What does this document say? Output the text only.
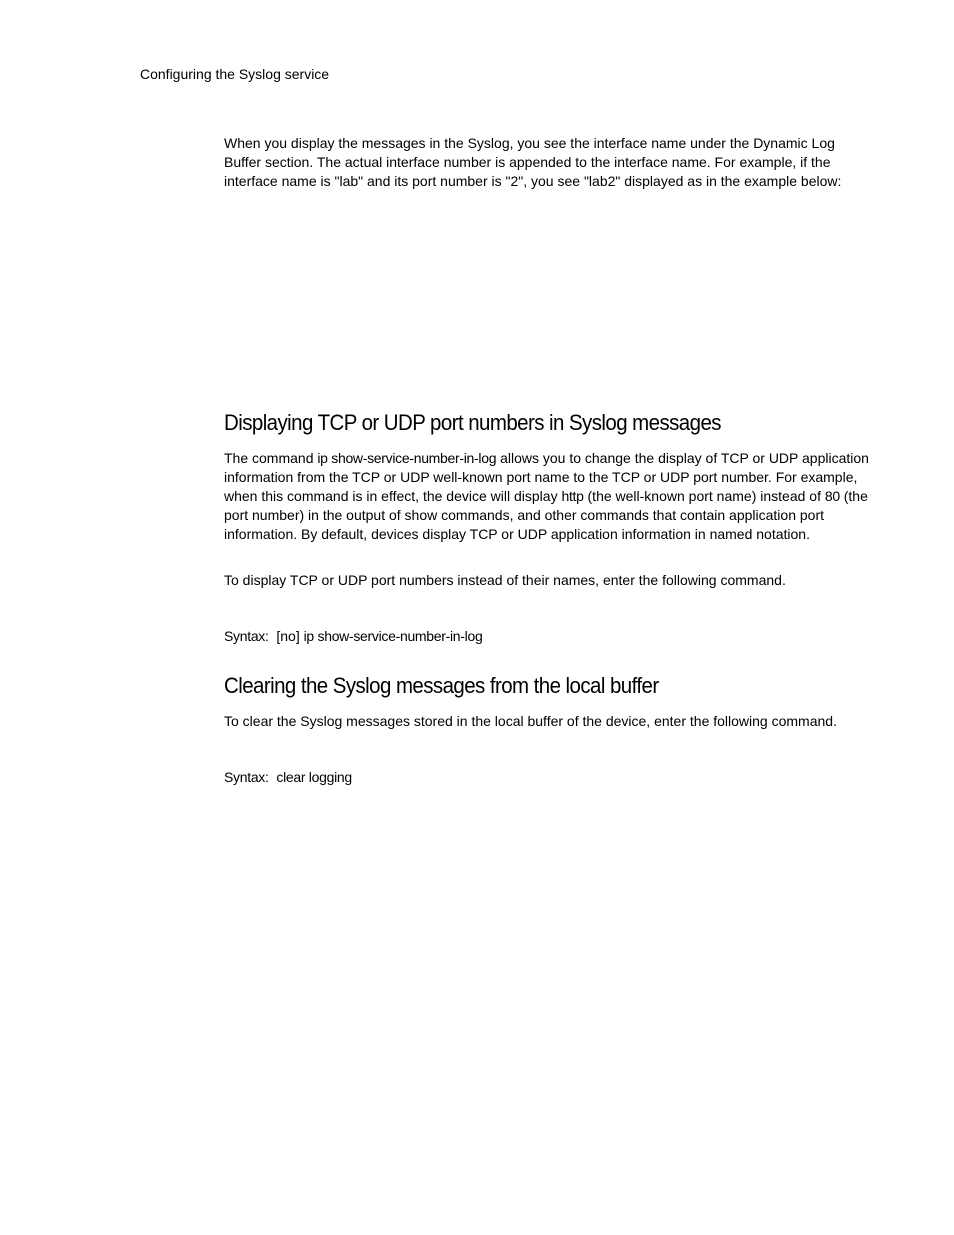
Configuring the Syslog service

When you display the messages in the Syslog, you see the interface name under the Dynamic Log Buffer section. The actual interface number is appended to the interface name. For example, if the interface name is "lab" and its port number is "2", you see "lab2" displayed as in the example below:

Displaying TCP or UDP port numbers in Syslog messages

The command ip show-service-number-in-log allows you to change the display of TCP or UDP application information from the TCP or UDP well-known port name to the TCP or UDP port number. For example, when this command is in effect, the device will display http (the well-known port name) instead of 80 (the port number) in the output of show commands, and other commands that contain application port information. By default, devices display TCP or UDP application information in named notation.

To display TCP or UDP port numbers instead of their names, enter the following command.

Syntax: [no] ip show-service-number-in-log
Clearing the Syslog messages from the local buffer

To clear the Syslog messages stored in the local buffer of the device, enter the following command.

Syntax: clear logging
